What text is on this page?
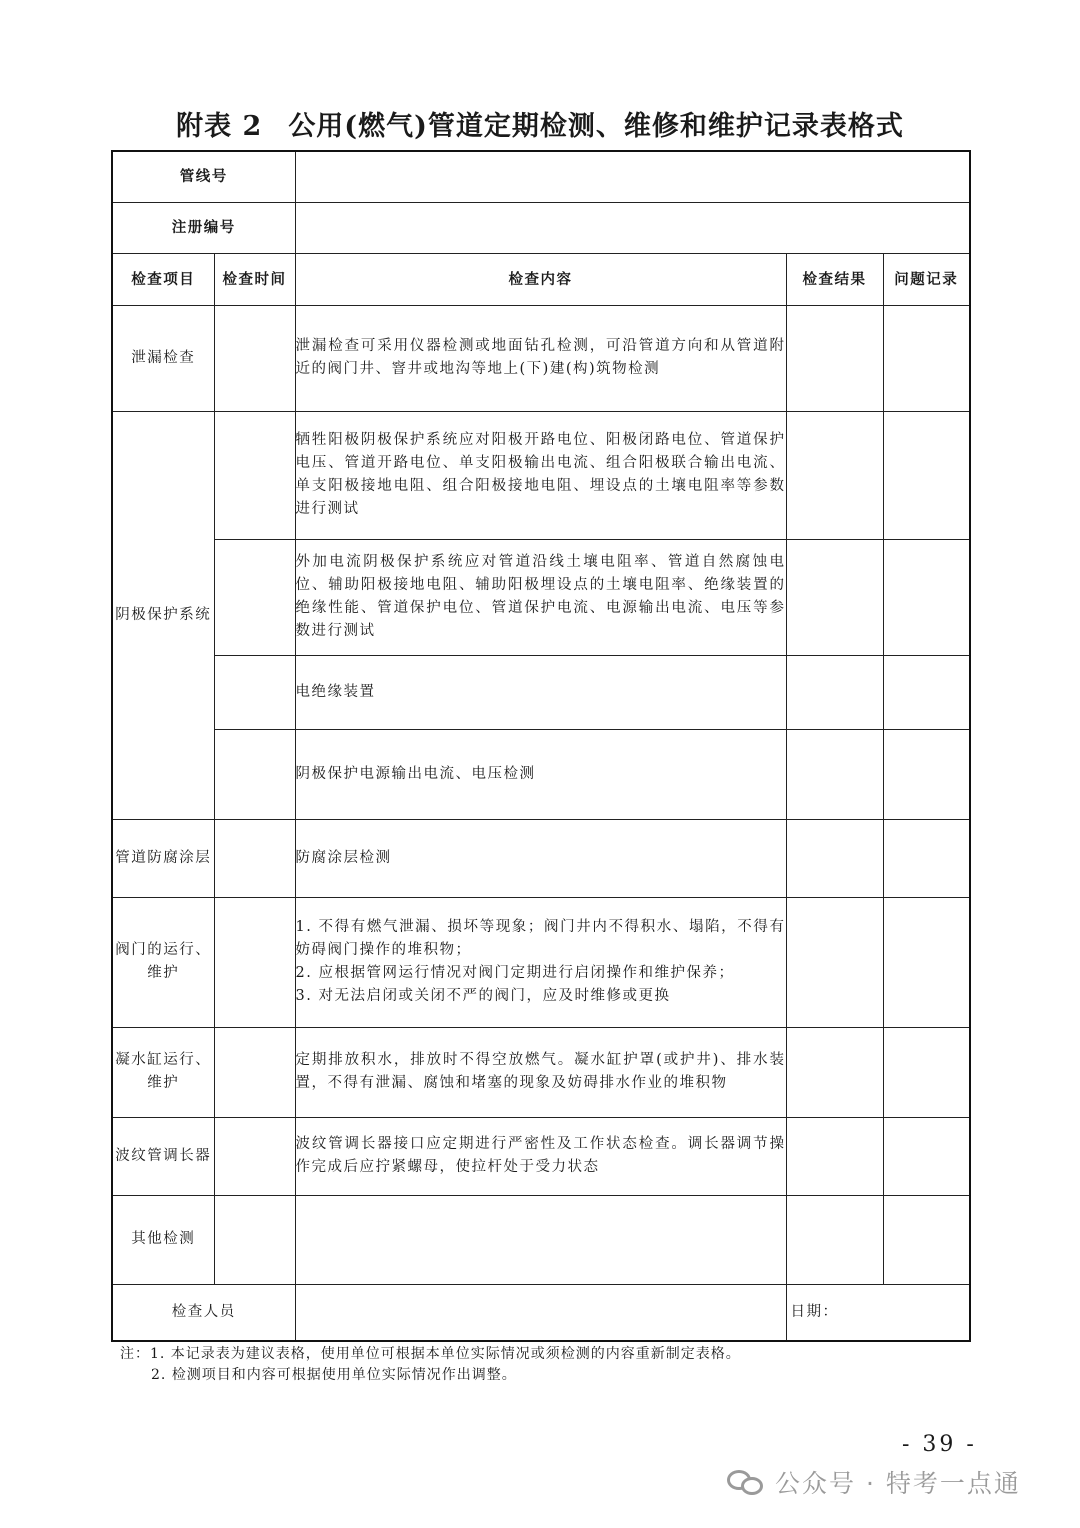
附表 2 公用(燃气)管道定期检测、维修和维护记录表格式
管线号				
注册编号				
检查项目	检查时间	检查内容	检查结果	问题记录
泄漏检查		泄漏检查可采用仪器检测或地面钻孔检测，可沿管道方向和从管道附近的阀门井、窨井或地沟等地上(下)建(构)筑物检测		
阴极保护系统		牺牲阳极阴极保护系统应对阳极开路电位、阳极闭路电位、管道保护电压、管道开路电位、单支阳极输出电流、组合阳极联合输出电流、单支阳极接地电阻、组合阳极接地电阻、埋设点的土壤电阻率等参数进行测试		
		外加电流阴极保护系统应对管道沿线土壤电阻率、管道自然腐蚀电位、辅助阳极接地电阻、辅助阳极埋设点的土壤电阻率、绝缘装置的绝缘性能、管道保护电位、管道保护电流、电源输出电流、电压等参数进行测试		
		电绝缘装置		
		阴极保护电源输出电流、电压检测		
管道防腐涂层		防腐涂层检测		
阀门的运行、维护		1. 不得有燃气泄漏、损坏等现象；阀门井内不得积水、塌陷，不得有妨碍阀门操作的堆积物；
2. 应根据管网运行情况对阀门定期进行启闭操作和维护保养；
3. 对无法启闭或关闭不严的阀门，应及时维修或更换		

凝水缸运行、维护		定期排放积水，排放时不得空放燃气。凝水缸护罩(或护井)、排水装置，不得有泄漏、腐蚀和堵塞的现象及妨碍排水作业的堆积物		
波纹管调长器		波纹管调长器接口应定期进行严密性及工作状态检查。调长器调节操作完成后应拧紧螺母，使拉杆处于受力状态		
其他检测				
检查人员			日期：	
注：1. 本记录表为建议表格，使用单位可根据本单位实际情况或须检测的内容重新制定表格。
2. 检测项目和内容可根据使用单位实际情况作出调整。
- 39 -
公众号 · 特考一点通
